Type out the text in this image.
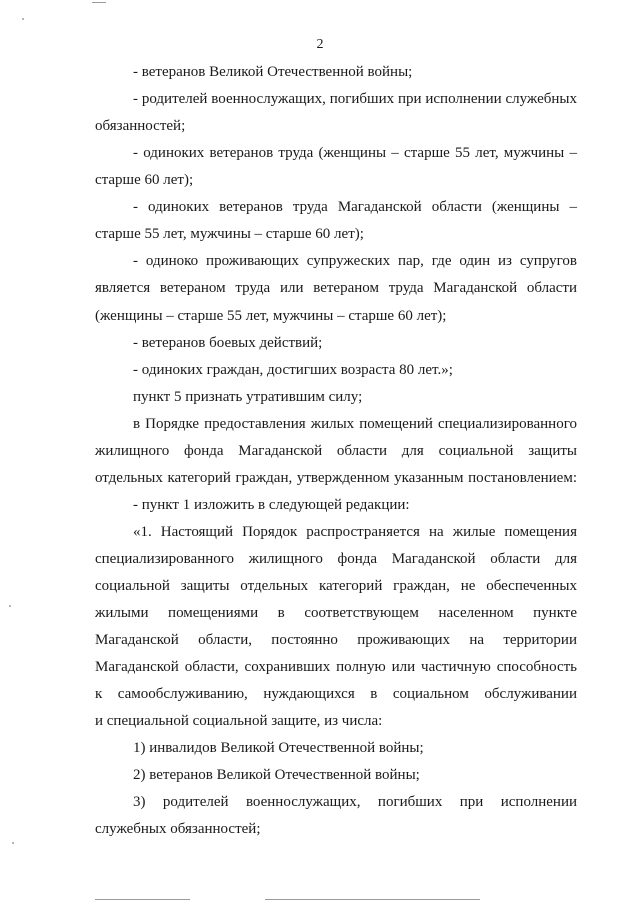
2
- ветеранов Великой Отечественной войны;
- родителей военнослужащих, погибших при исполнении служебных
обязанностей;
- одиноких ветеранов труда (женщины – старше 55 лет, мужчины –
старше 60 лет);
- одиноких ветеранов труда Магаданской области (женщины –
старше 55 лет, мужчины – старше 60 лет);
- одиноко проживающих супружеских пар, где один из супругов
является ветераном труда или ветераном труда Магаданской области
(женщины – старше 55 лет, мужчины – старше 60 лет);
- ветеранов боевых действий;
- одиноких граждан, достигших возраста 80 лет.»;
пункт 5 признать утратившим силу;
в Порядке предоставления жилых помещений специализированного
жилищного фонда Магаданской области для социальной защиты
отдельных категорий граждан, утвержденном указанным постановлением:
- пункт 1 изложить в следующей редакции:
«1. Настоящий Порядок распространяется на жилые помещения
специализированного жилищного фонда Магаданской области для
социальной защиты отдельных категорий граждан, не обеспеченных
жилыми помещениями в соответствующем населенном пункте
Магаданской области, постоянно проживающих на территории
Магаданской области, сохранивших полную или частичную способность
к самообслуживанию, нуждающихся в социальном обслуживании
и специальной социальной защите, из числа:
1) инвалидов Великой Отечественной войны;
2) ветеранов Великой Отечественной войны;
3) родителей военнослужащих, погибших при исполнении
служебных обязанностей;
